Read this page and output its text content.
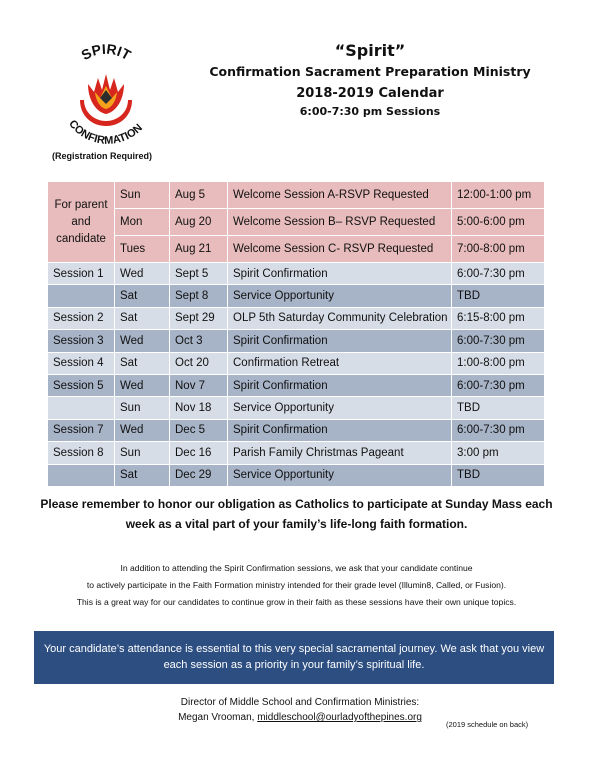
SPIRIT
CONFIRMATION
(Registration Required)
“Spirit”
Confirmation Sacrament Preparation Ministry
2018-2019 Calendar
6:00-7:30 pm Sessions
For parent and candidate	Sun	Aug 5	Welcome Session A-RSVP Requested	12:00-1:00 pm
	Mon	Aug 20	Welcome Session B– RSVP Requested	5:00-6:00 pm
	Tues	Aug 21	Welcome Session C- RSVP Requested	7:00-8:00 pm
Session 1	Wed	Sept 5	Spirit Confirmation	6:00-7:30 pm
	Sat	Sept 8	Service Opportunity	TBD
Session 2	Sat	Sept 29	OLP 5th Saturday Community Celebration	6:15-8:00 pm
Session 3	Wed	Oct 3	Spirit Confirmation	6:00-7:30 pm
Session 4	Sat	Oct 20	Confirmation Retreat	1:00-8:00 pm
Session 5	Wed	Nov 7	Spirit Confirmation	6:00-7:30 pm
	Sun	Nov 18	Service Opportunity	TBD
Session 7	Wed	Dec 5	Spirit Confirmation	6:00-7:30 pm
Session 8	Sun	Dec 16	Parish Family Christmas Pageant	3:00 pm
	Sat	Dec 29	Service Opportunity	TBD
Please remember to honor our obligation as Catholics to participate at Sunday Mass each
week as a vital part of your family’s life-long faith formation.
In addition to attending the Spirit Confirmation sessions, we ask that your candidate continue
to actively participate in the Faith Formation ministry intended for their grade level (Illumin8, Called, or Fusion).
This is a great way for our candidates to continue grow in their faith as these sessions have their own unique topics.
Your candidate’s attendance is essential to this very special sacramental journey. We ask that you view
each session as a priority in your family’s spiritual life.
Director of Middle School and Confirmation Ministries:
Megan Vrooman, middleschool@ourladyofthepines.org
(2019 schedule on back)
